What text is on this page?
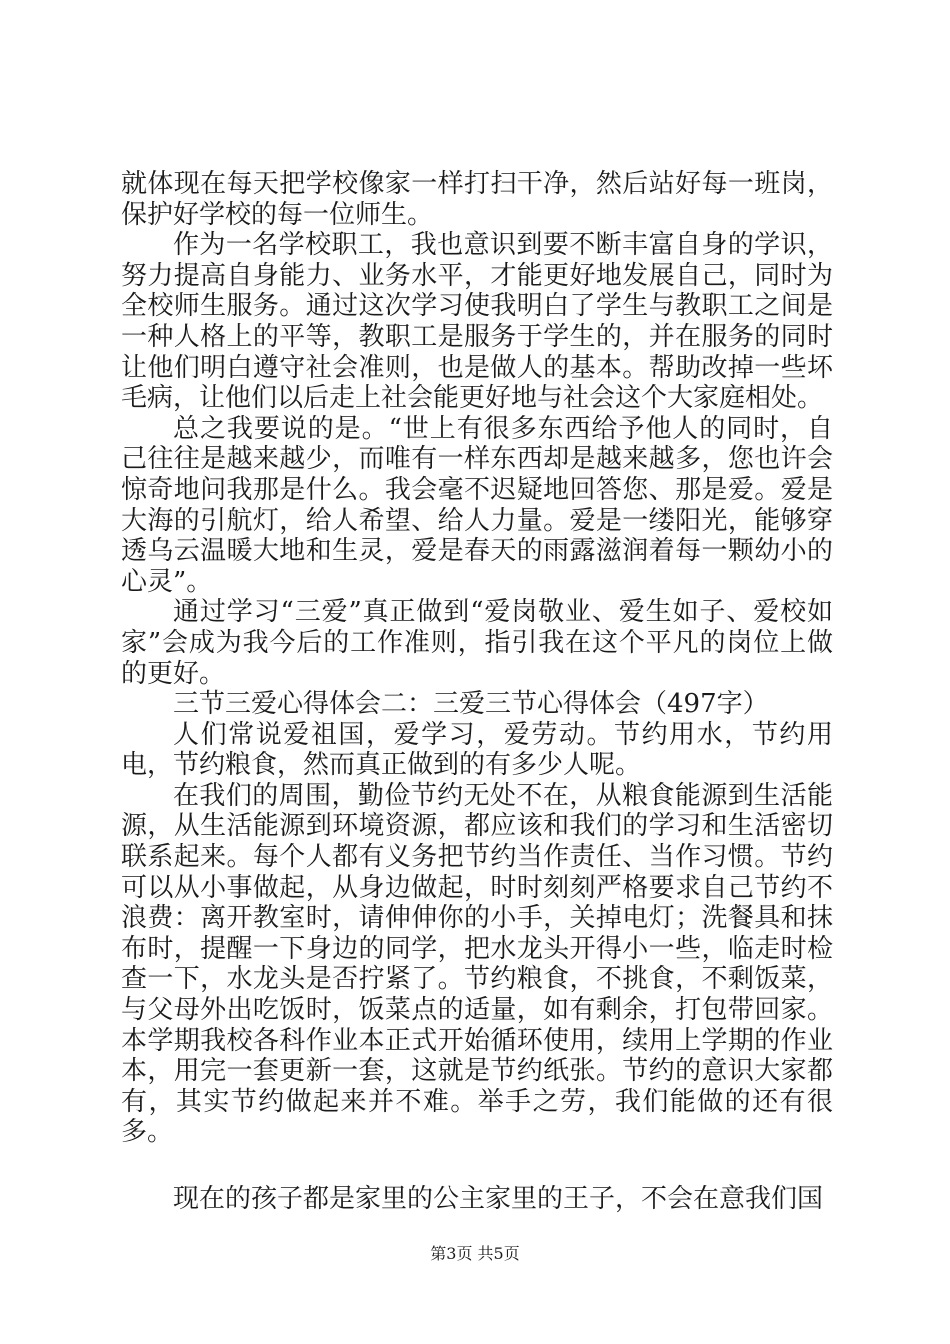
就体现在每天把学校像家一样打扫干净，然后站好每一班岗，保护好学校的每一位师生。

作为一名学校职工，我也意识到要不断丰富自身的学识，努力提高自身能力、业务水平，才能更好地发展自己，同时为全校师生服务。通过这次学习使我明白了学生与教职工之间是一种人格上的平等，教职工是服务于学生的，并在服务的同时让他们明白遵守社会准则，也是做人的基本。帮助改掉一些坏毛病，让他们以后走上社会能更好地与社会这个大家庭相处。

总之我要说的是。“世上有很多东西给予他人的同时，自己往往是越来越少，而唯有一样东西却是越来越多，您也许会惊奇地问我那是什么。我会毫不迟疑地回答您、那是爱。爱是大海的引航灯，给人希望、给人力量。爱是一缕阳光，能够穿透乌云温暖大地和生灵，爱是春天的雨露滋润着每一颗幼小的心灵”。

通过学习“三爱”真正做到“爱岗敬业、爱生如子、爱校如家”会成为我今后的工作准则，指引我在这个平凡的岗位上做的更好。

三节三爱心得体会二：三爱三节心得体会（497字）

人们常说爱祖国，爱学习，爱劳动。节约用水，节约用电，节约粮食，然而真正做到的有多少人呢。

在我们的周围，勤俭节约无处不在，从粮食能源到生活能源，从生活能源到环境资源，都应该和我们的学习和生活密切联系起来。每个人都有义务把节约当作责任、当作习惯。节约可以从小事做起，从身边做起，时时刻刻严格要求自己节约不浪费：离开教室时，请伸伸你的小手，关掉电灯；洗餐具和抹布时，提醒一下身边的同学，把水龙头开得小一些，临走时检查一下，水龙头是否拧紧了。节约粮食，不挑食，不剩饭菜，与父母外出吃饭时，饭菜点的适量，如有剩余，打包带回家。本学期我校各科作业本正式开始循环使用，续用上学期的作业本，用完一套更新一套，这就是节约纸张。节约的意识大家都有，其实节约做起来并不难。举手之劳，我们能做的还有很多。

现在的孩子都是家里的公主家里的王子，不会在意我们国

第3页 共5页
